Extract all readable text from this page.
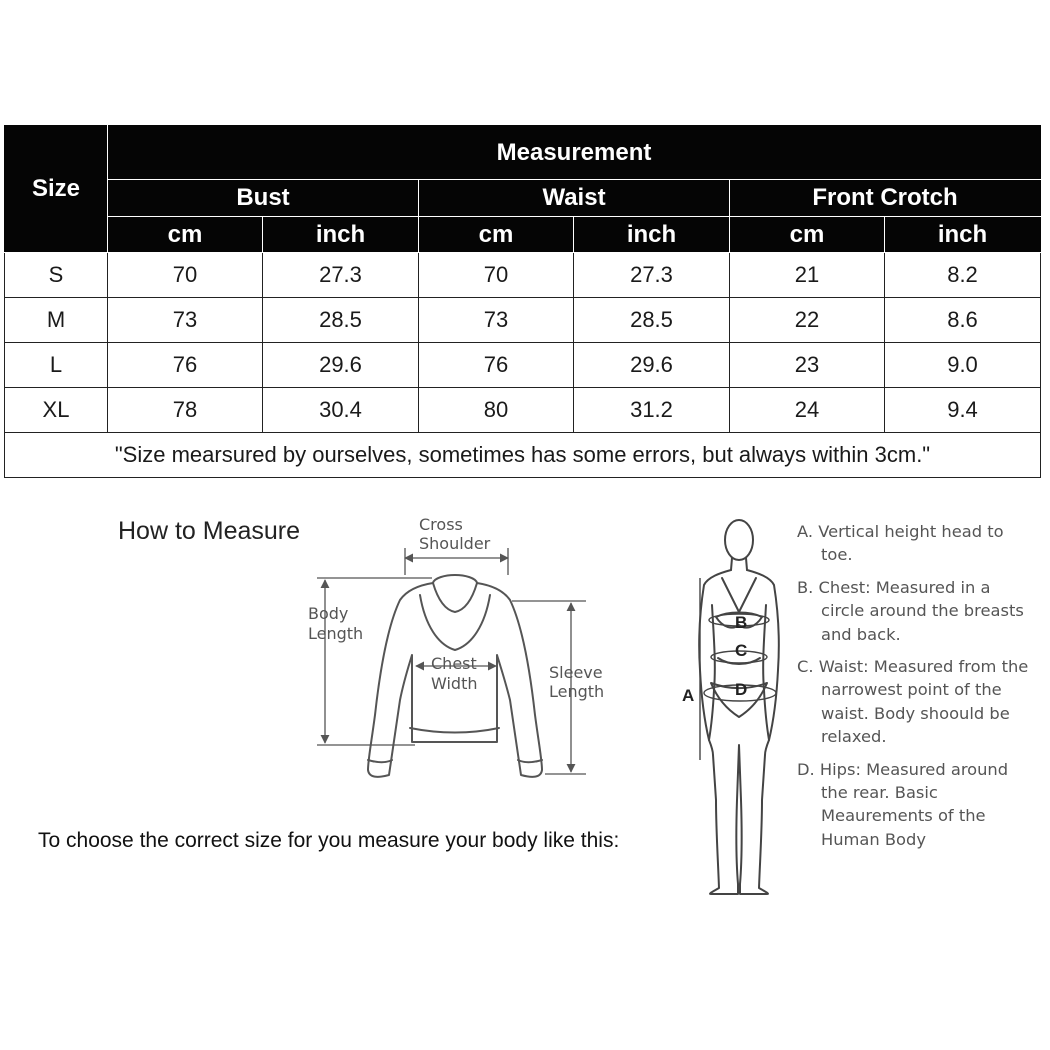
Size	Measurement					
	Bust		Waist		Front Crotch	
	cm	inch	cm	inch	cm	inch
S	70	27.3	70	27.3	21	8.2
M	73	28.5	73	28.5	22	8.6
L	76	29.6	76	29.6	23	9.0
XL	78	30.4	80	31.2	24	9.4
"Size mearsured by ourselves, sometimes has some errors, but always within 3cm."						
How to Measure
To choose the correct size for you measure your body like this:
Cross
Shoulder
Body
Length
Chest
Width
Sleeve
Length
B
C
D
A

A. Vertical height head to toe.

B. Chest: Measured in a circle around the breasts and back.

C. Waist: Measured from the narrowest point of the waist. Body shoould be relaxed.

D. Hips: Measured around the rear. Basic Meaurements of the Human Body
